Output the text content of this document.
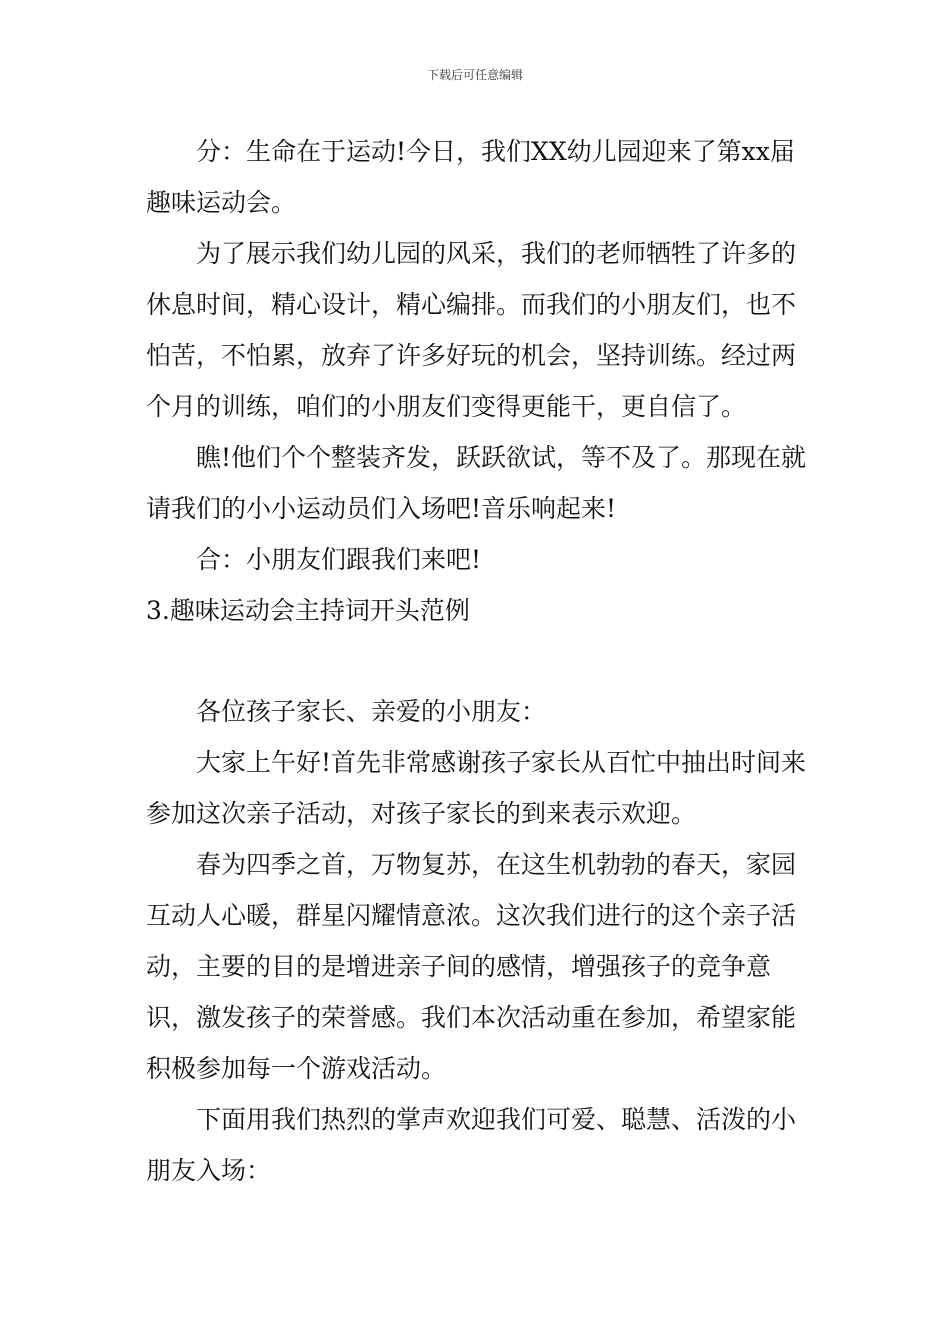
下载后可任意编辑

分：生命在于运动!今日，我们XX幼儿园迎来了第xx届趣味运动会。

为了展示我们幼儿园的风采，我们的老师牺牲了许多的休息时间，精心设计，精心编排。而我们的小朋友们，也不怕苦，不怕累，放弃了许多好玩的机会，坚持训练。经过两个月的训练，咱们的小朋友们变得更能干，更自信了。

瞧!他们个个整装齐发，跃跃欲试，等不及了。那现在就请我们的小小运动员们入场吧!音乐响起来!

合：小朋友们跟我们来吧!

3.趣味运动会主持词开头范例

各位孩子家长、亲爱的小朋友：

大家上午好!首先非常感谢孩子家长从百忙中抽出时间来参加这次亲子活动，对孩子家长的到来表示欢迎。

春为四季之首，万物复苏，在这生机勃勃的春天，家园互动人心暖，群星闪耀情意浓。这次我们进行的这个亲子活动，主要的目的是增进亲子间的感情，增强孩子的竞争意识，激发孩子的荣誉感。我们本次活动重在参加，希望家能积极参加每一个游戏活动。

下面用我们热烈的掌声欢迎我们可爱、聪慧、活泼的小朋友入场：
